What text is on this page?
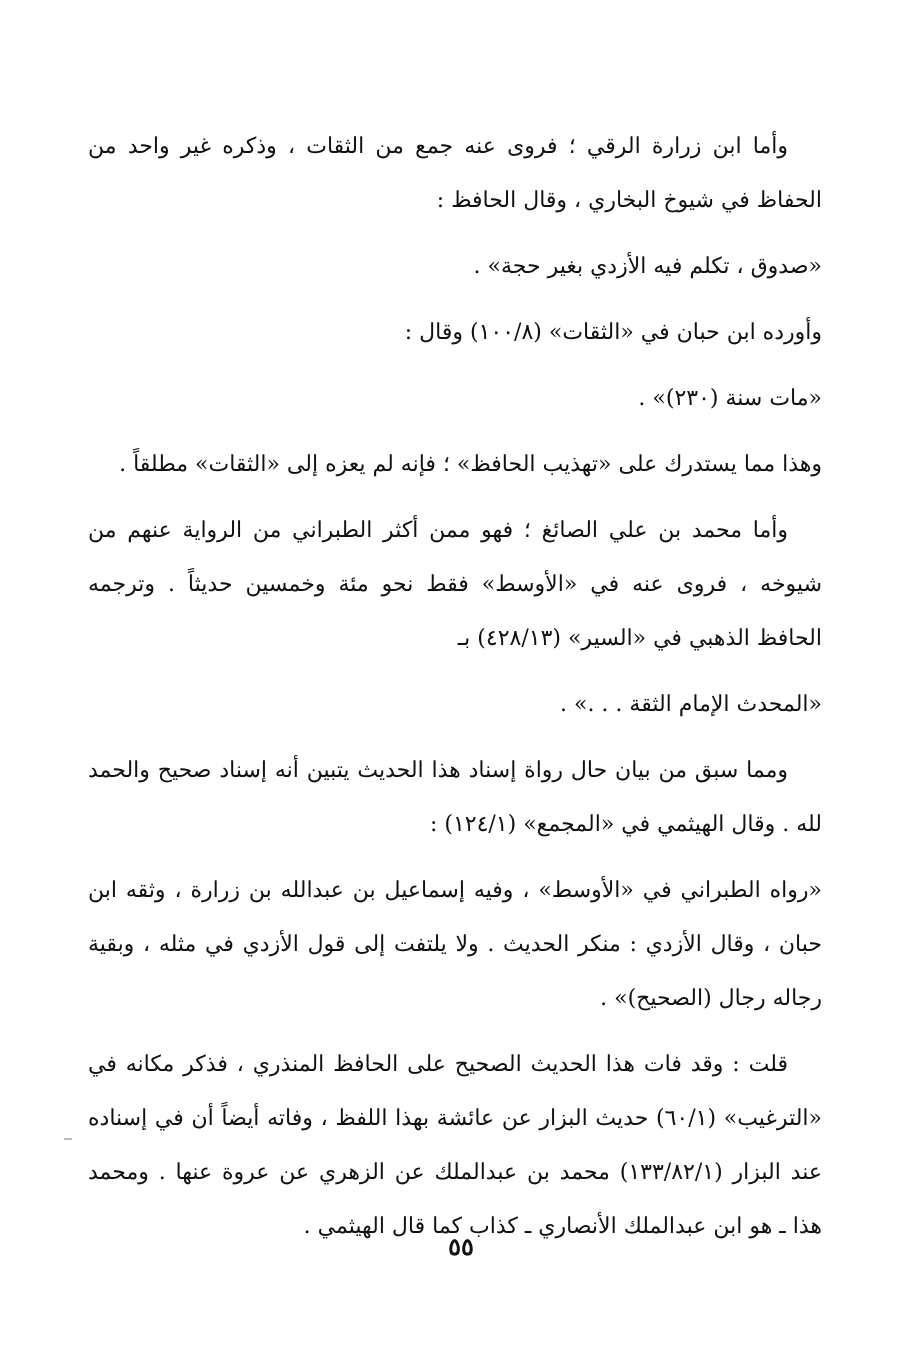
وأما ابن زرارة الرقي ؛ فروى عنه جمع من الثقات ، وذكره غير واحد من الحفاظ في شيوخ البخاري ، وقال الحافظ :

«صدوق ، تكلم فيه الأزدي بغير حجة» .

وأورده ابن حبان في «الثقات» (١٠٠/٨) وقال :

«مات سنة (٢٣٠)» .

وهذا مما يستدرك على «تهذيب الحافظ» ؛ فإنه لم يعزه إلى «الثقات» مطلقاً .

وأما محمد بن علي الصائغ ؛ فهو ممن أكثر الطبراني من الرواية عنهم من شيوخه ، فروى عنه في «الأوسط» فقط نحو مئة وخمسين حديثاً . وترجمه الحافظ الذهبي في «السير» (٤٢٨/١٣) بـ

«المحدث الإمام الثقة . . .» .

ومما سبق من بيان حال رواة إسناد هذا الحديث يتبين أنه إسناد صحيح والحمد لله . وقال الهيثمي في «المجمع» (١٢٤/١) :

«رواه الطبراني في «الأوسط» ، وفيه إسماعيل بن عبدالله بن زرارة ، وثقه ابن حبان ، وقال الأزدي : منكر الحديث . ولا يلتفت إلى قول الأزدي في مثله ، وبقية رجاله رجال (الصحيح)» .

قلت : وقد فات هذا الحديث الصحيح على الحافظ المنذري ، فذكر مكانه في «الترغيب» (٦٠/١) حديث البزار عن عائشة بهذا اللفظ ، وفاته أيضاً أن في إسناده عند البزار (١٣٣/٨٢/١) محمد بن عبدالملك عن الزهري عن عروة عنها . ومحمد هذا ـ هو ابن عبدالملك الأنصاري ـ كذاب كما قال الهيثمي .

٥٥
